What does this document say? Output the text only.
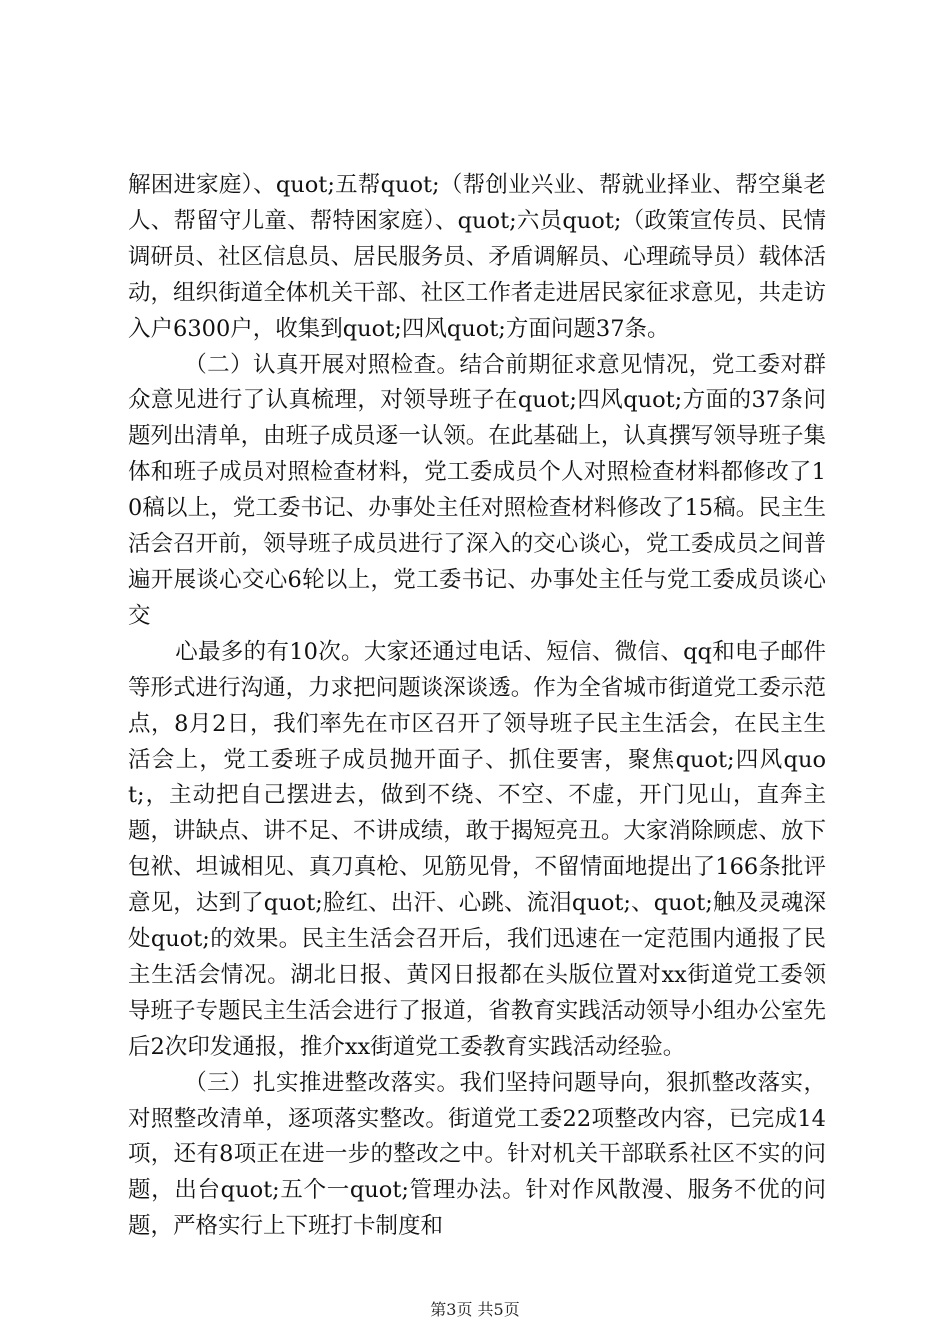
解困进家庭）、quot;五帮quot;（帮创业兴业、帮就业择业、帮空巢老人、帮留守儿童、帮特困家庭）、quot;六员quot;（政策宣传员、民情调研员、社区信息员、居民服务员、矛盾调解员、心理疏导员）载体活动，组织街道全体机关干部、社区工作者走进居民家征求意见，共走访入户6300户，收集到quot;四风quot;方面问题37条。

（二）认真开展对照检查。结合前期征求意见情况，党工委对群众意见进行了认真梳理，对领导班子在quot;四风quot;方面的37条问题列出清单，由班子成员逐一认领。在此基础上，认真撰写领导班子集体和班子成员对照检查材料，党工委成员个人对照检查材料都修改了10稿以上，党工委书记、办事处主任对照检查材料修改了15稿。民主生活会召开前，领导班子成员进行了深入的交心谈心，党工委成员之间普遍开展谈心交心6轮以上，党工委书记、办事处主任与党工委成员谈心交

心最多的有10次。大家还通过电话、短信、微信、qq和电子邮件等形式进行沟通，力求把问题谈深谈透。作为全省城市街道党工委示范点，8月2日，我们率先在市区召开了领导班子民主生活会，在民主生活会上，党工委班子成员抛开面子、抓住要害，聚焦quot;四风quot;，主动把自己摆进去，做到不绕、不空、不虚，开门见山，直奔主题，讲缺点、讲不足、不讲成绩，敢于揭短亮丑。大家消除顾虑、放下包袱、坦诚相见、真刀真枪、见筋见骨，不留情面地提出了166条批评意见，达到了quot;脸红、出汗、心跳、流泪quot;、quot;触及灵魂深处quot;的效果。民主生活会召开后，我们迅速在一定范围内通报了民主生活会情况。湖北日报、黄冈日报都在头版位置对xx街道党工委领导班子专题民主生活会进行了报道，省教育实践活动领导小组办公室先后2次印发通报，推介xx街道党工委教育实践活动经验。

（三）扎实推进整改落实。我们坚持问题导向，狠抓整改落实，对照整改清单，逐项落实整改。街道党工委22项整改内容，已完成14项，还有8项正在进一步的整改之中。针对机关干部联系社区不实的问题，出台quot;五个一quot;管理办法。针对作风散漫、服务不优的问题，严格实行上下班打卡制度和

第3页 共5页
